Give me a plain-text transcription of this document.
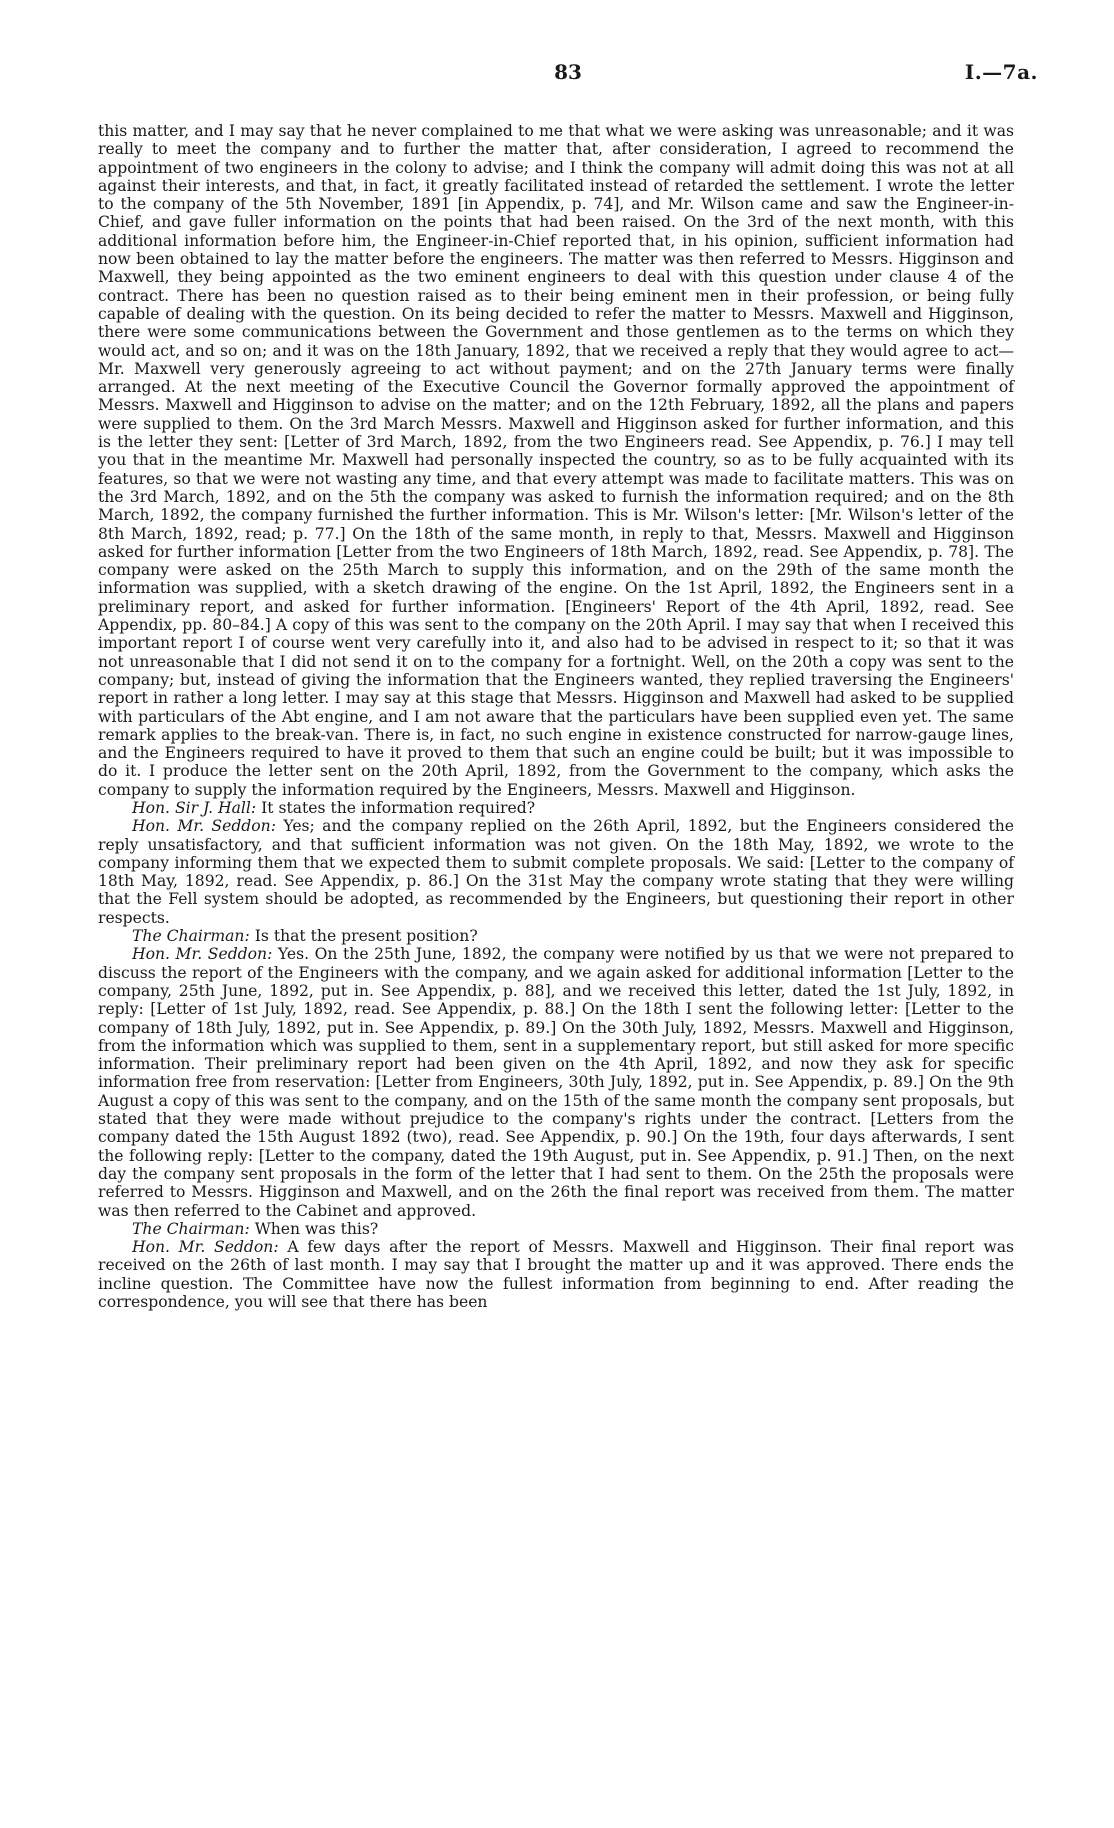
83	I.—7a.

this matter, and I may say that he never complained to me that what we were asking was unreasonable; and it was really to meet the company and to further the matter that, after consideration, I agreed to recommend the appointment of two engineers in the colony to advise; and I think the company will admit doing this was not at all against their interests, and that, in fact, it greatly facilitated instead of retarded the settlement. I wrote the letter to the company of the 5th November, 1891 [in Appendix, p. 74], and Mr. Wilson came and saw the Engineer-in-Chief, and gave fuller information on the points that had been raised. On the 3rd of the next month, with this additional information before him, the Engineer-in-Chief reported that, in his opinion, sufficient information had now been obtained to lay the matter before the engineers. The matter was then referred to Messrs. Higginson and Maxwell, they being appointed as the two eminent engineers to deal with this question under clause 4 of the contract. There has been no question raised as to their being eminent men in their profession, or being fully capable of dealing with the question. On its being decided to refer the matter to Messrs. Maxwell and Higginson, there were some communications between the Government and those gentlemen as to the terms on which they would act, and so on; and it was on the 18th January, 1892, that we received a reply that they would agree to act—Mr. Maxwell very generously agreeing to act without payment; and on the 27th January terms were finally arranged. At the next meeting of the Executive Council the Governor formally approved the appointment of Messrs. Maxwell and Higginson to advise on the matter; and on the 12th February, 1892, all the plans and papers were supplied to them. On the 3rd March Messrs. Maxwell and Higginson asked for further information, and this is the letter they sent: [Letter of 3rd March, 1892, from the two Engineers read. See Appendix, p. 76.] I may tell you that in the meantime Mr. Maxwell had personally inspected the country, so as to be fully acquainted with its features, so that we were not wasting any time, and that every attempt was made to facilitate matters. This was on the 3rd March, 1892, and on the 5th the company was asked to furnish the information required; and on the 8th March, 1892, the company furnished the further information. This is Mr. Wilson's letter: [Mr. Wilson's letter of the 8th March, 1892, read; p. 77.] On the 18th of the same month, in reply to that, Messrs. Maxwell and Higginson asked for further information [Letter from the two Engineers of 18th March, 1892, read. See Appendix, p. 78]. The company were asked on the 25th March to supply this information, and on the 29th of the same month the information was supplied, with a sketch drawing of the engine. On the 1st April, 1892, the Engineers sent in a preliminary report, and asked for further information. [Engineers' Report of the 4th April, 1892, read. See Appendix, pp. 80–84.] A copy of this was sent to the company on the 20th April. I may say that when I received this important report I of course went very carefully into it, and also had to be advised in respect to it; so that it was not unreasonable that I did not send it on to the company for a fortnight. Well, on the 20th a copy was sent to the company; but, instead of giving the information that the Engineers wanted, they replied traversing the Engineers' report in rather a long letter. I may say at this stage that Messrs. Higginson and Maxwell had asked to be supplied with particulars of the Abt engine, and I am not aware that the particulars have been supplied even yet. The same remark applies to the break-van. There is, in fact, no such engine in existence constructed for narrow-gauge lines, and the Engineers required to have it proved to them that such an engine could be built; but it was impossible to do it. I produce the letter sent on the 20th April, 1892, from the Government to the company, which asks the company to supply the information required by the Engineers, Messrs. Maxwell and Higginson.

Hon. Sir J. Hall: It states the information required?

Hon. Mr. Seddon: Yes; and the company replied on the 26th April, 1892, but the Engineers considered the reply unsatisfactory, and that sufficient information was not given. On the 18th May, 1892, we wrote to the company informing them that we expected them to submit complete proposals. We said: [Letter to the company of 18th May, 1892, read. See Appendix, p. 86.] On the 31st May the company wrote stating that they were willing that the Fell system should be adopted, as recommended by the Engineers, but questioning their report in other respects.

The Chairman: Is that the present position?

Hon. Mr. Seddon: Yes. On the 25th June, 1892, the company were notified by us that we were not prepared to discuss the report of the Engineers with the company, and we again asked for additional information [Letter to the company, 25th June, 1892, put in. See Appendix, p. 88], and we received this letter, dated the 1st July, 1892, in reply: [Letter of 1st July, 1892, read. See Appendix, p. 88.] On the 18th I sent the following letter: [Letter to the company of 18th July, 1892, put in. See Appendix, p. 89.] On the 30th July, 1892, Messrs. Maxwell and Higginson, from the information which was supplied to them, sent in a supplementary report, but still asked for more specific information. Their preliminary report had been given on the 4th April, 1892, and now they ask for specific information free from reservation: [Letter from Engineers, 30th July, 1892, put in. See Appendix, p. 89.] On the 9th August a copy of this was sent to the company, and on the 15th of the same month the company sent proposals, but stated that they were made without prejudice to the company's rights under the contract. [Letters from the company dated the 15th August 1892 (two), read. See Appendix, p. 90.] On the 19th, four days afterwards, I sent the following reply: [Letter to the company, dated the 19th August, put in. See Appendix, p. 91.] Then, on the next day the company sent proposals in the form of the letter that I had sent to them. On the 25th the proposals were referred to Messrs. Higginson and Maxwell, and on the 26th the final report was received from them. The matter was then referred to the Cabinet and approved.

The Chairman: When was this?

Hon. Mr. Seddon: A few days after the report of Messrs. Maxwell and Higginson. Their final report was received on the 26th of last month. I may say that I brought the matter up and it was approved. There ends the incline question. The Committee have now the fullest information from beginning to end. After reading the correspondence, you will see that there has been
